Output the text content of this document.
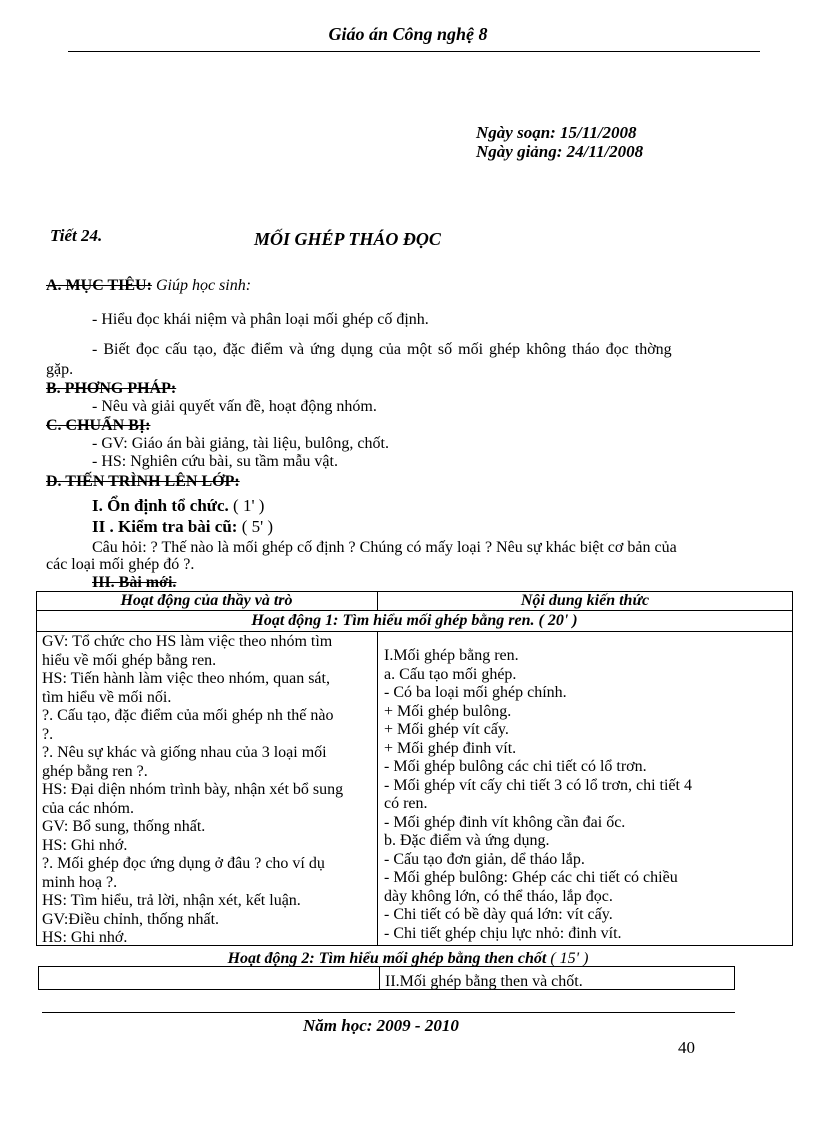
Giáo án Công nghệ 8
Ngày soạn: 15/11/2008
Ngày giảng: 24/11/2008
Tiết 24.	MỐI GHÉP THÁO ĐỌC
A. MỤC TIÊU: Giúp học sinh:
- Hiểu đọc khái niệm và phân loại mối ghép cố định.
- Biết đọc cấu tạo, đặc điểm và ứng dụng của một số mối ghép không tháo đọc thờng
gặp.
B. PHƠNG PHÁP:
- Nêu và giải quyết vấn đề, hoạt động nhóm.
C. CHUẨN BỊ:
- GV: Giáo án bài giảng, tài liệu, bulông, chốt.
- HS: Nghiên cứu bài, su tầm mẫu vật.
D. TIẾN TRÌNH LÊN LỚP:
I. Ổn định tổ chức. ( 1' )
II . Kiểm tra bài cũ: ( 5' )
Câu hỏi: ? Thế nào là mối ghép cố định ? Chúng có mấy loại ? Nêu sự khác biệt cơ bản của
các loại mối ghép đó ?.
III. Bài mới.
Hoạt động của thầy và trò	Nội dung kiến thức
Hoạt động 1: Tìm hiểu mối ghép bằng ren. ( 20' )
GV: Tổ chức cho HS làm việc theo nhóm tìm
hiểu về mối ghép bằng ren.
HS: Tiến hành làm việc theo nhóm, quan sát,
tìm hiểu về mối nối.
?. Cấu tạo, đặc điểm của mối ghép nh thế nào
?.
?. Nêu sự khác và giống nhau của 3 loại mối
ghép bằng ren ?.
HS: Đại diện nhóm trình bày, nhận xét bổ sung
của các nhóm.
GV: Bổ sung, thống nhất.
HS: Ghi nhớ.
?. Mối ghép đọc ứng dụng ở đâu ? cho ví dụ
minh hoạ ?.
HS: Tìm hiểu, trả lời, nhận xét, kết luận.
GV:Điều chỉnh, thống nhất.
HS: Ghi nhớ.
I.Mối ghép bằng ren.
a. Cấu tạo mối ghép.
- Có ba loại mối ghép chính.
+ Mối ghép bulông.
+ Mối ghép vít cấy.
+ Mối ghép đinh vít.
- Mối ghép bulông các chi tiết có lổ trơn.
- Mối ghép vít cấy chi tiết 3 có lổ trơn, chi tiết 4
có ren.
- Mối ghép đinh vít không cần đai ốc.
b. Đặc điểm và ứng dụng.
- Cấu tạo đơn giản, dể tháo lắp.
- Mối ghép bulông: Ghép các chi tiết có chiều
dày không lớn, có thể tháo, lắp đọc.
- Chi tiết có bề dày quá lớn: vít cấy.
- Chi tiết ghép chịu lực nhỏ: đinh vít.
Hoạt động 2: Tìm hiểu mối ghép bằng then chốt ( 15' )
II.Mối ghép bằng then và chốt.
Năm học: 2009 - 2010
40
